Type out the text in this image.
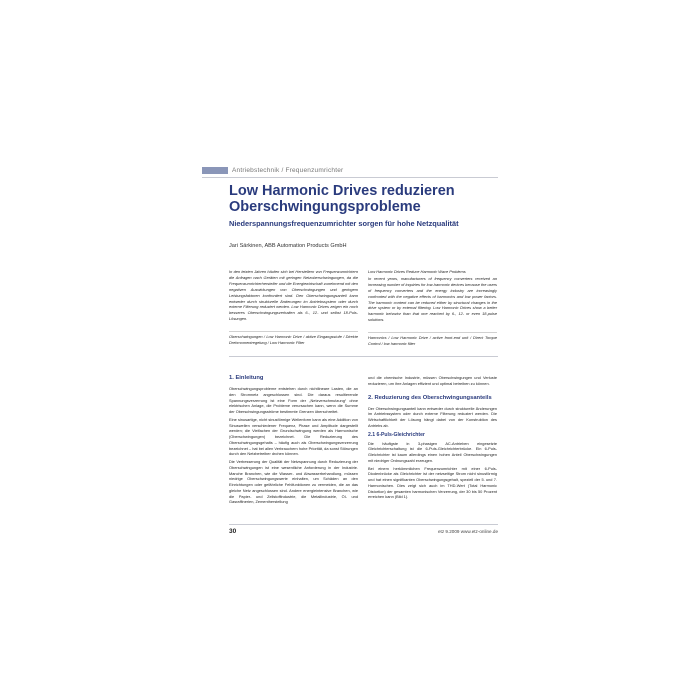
Antriebstechnik / Frequenzumrichter
Low Harmonic Drives reduzieren Oberschwingungsprobleme

Niederspannungsfrequenzumrichter sorgen für hohe Netzqualität

Jari Särkinen, ABB Automation Products GmbH
In den letzten Jahren häufen sich bei Herstellern von Frequenzumrichtern die Anfragen nach Geräten mit geringen Netzoberschwingungen, da die Frequenzumrichterhersteller und die Energiewirtschaft zunehmend mit den negativen Auswirkungen von Oberschwingungen und geringem Leistungsfaktoren konfrontiert sind. Den Oberschwingungsanteil kann entweder durch strukturelle Änderungen im Antriebssystem oder durch externe Filterung reduziert werden. Low Harmonic Drives zeigen ein noch besseres Oberschwingungsverhalten als 6-, 12- und selbst 18-Puls-Lösungen.
Oberschwingungen / Low Harmonic Drive / aktive Eingangsstufe / Direkte Drehmomentregelung / Low Harmonic Filter
Low Harmonic Drives Reduce Harmonic Wave Problems
In recent years, manufacturers of frequency converters received an increasing number of inquiries for low-harmonic devices because the users of frequency converters and the energy industry are increasingly confronted with the negative effects of harmonics and low power factors. The harmonic content can be reduced either by structural changes in the drive system or by external filtering. Low Harmonic Drives show a better harmonic behavior than that one reached by 6-, 12- or even 18-pulse solutions.
Harmonics / Low Harmonic Drive / active front-end unit / Direct Torque Control / low harmonic filter
1. Einleitung

Oberschwingungsprobleme entstehen durch nichtlineare Lasten, die an den Stromnetz angeschlossen sind. Die daraus resultierende Spannungsverzerrung ist eine Form der „Netzverschmutzung“ ohne elektrischen Anlage, die Probleme verursachen kann, wenn die Summe der Oberschwingungsströme bestimmte Grenzen überschreitet.

Eine sinusartige, nicht sinusförmige Wellenform kann als eine Addition von Sinuswellen verschiedener Frequenz, Phase und Amplitude dargestellt werden; die Vielfachen der Grundschwingung werden als Harmonische (Oberschwingungen) bezeichnet. Die Reduzierung des Oberschwingungsgehalts – häufig auch als Oberschwingungsverzerrung bezeichnet – hat bei allen Verbrauchern hohe Priorität, da sonst Störungen durch den Netzbetreiber drohen können.

Die Verbesserung der Qualität der Netzspannung durch Reduzierung der Oberschwingungen ist eine wesentliche Anforderung in der Industrie. Manche Branchen, wie die Wasser- und Abwasserbehandlung, müssen niedrige Oberschwingungswerte einhalten, um Schäden an den Einrichtungen oder gefährliche Fehlfunktionen zu vermeiden, die an das gleiche Netz angeschlossen sind. Andere energieintensive Branchen, wie die Papier- und Zellstoffindustrie, die Metallindustrie, Öl- und Gasraffinerien, Zementherstellung

und die chemische Industrie, müssen Oberschwingungen und Verluste reduzieren, um ihre Anlagen effizient und optimal betreiben zu können.

2. Reduzierung des Oberschwingungsanteils

Der Oberschwingungsanteil kann entweder durch strukturelle Änderungen im Antriebssystem oder durch externe Filterung reduziert werden. Die Wirtschaftlichkeit der Lösung hängt dabei von der Konstruktion des Antriebs ab.

2.1 6-Puls-Gleichrichter

Die häufigste in 3-phasigen AC-Antrieben eingesetzte Gleichrichterschaltung ist die 6-Puls-Gleichrichterbrücke. Ein 6-Puls-Gleichrichter ist kaum allerdings einen hohen Anteil Oberschwingungen mit niedriger Ordnungszahl erzeugen.

Bei einem herkömmlichen Frequenzumrichter mit einer 6-Puls-Diodenbrücke als Gleichrichter ist der netzseitige Strom nicht sinusförmig und hat einen signifikanten Oberschwingungsgehalt, speziell der 5. und 7. Harmonischen. Dies zeigt sich auch im THD-Wert (Total Harmonic Distortion) der gesamten harmonischen Verzerrung, der 30 bis 50 Prozent erreichen kann (Bild 1).

30	etz 9.2009 www.etz-online.de
